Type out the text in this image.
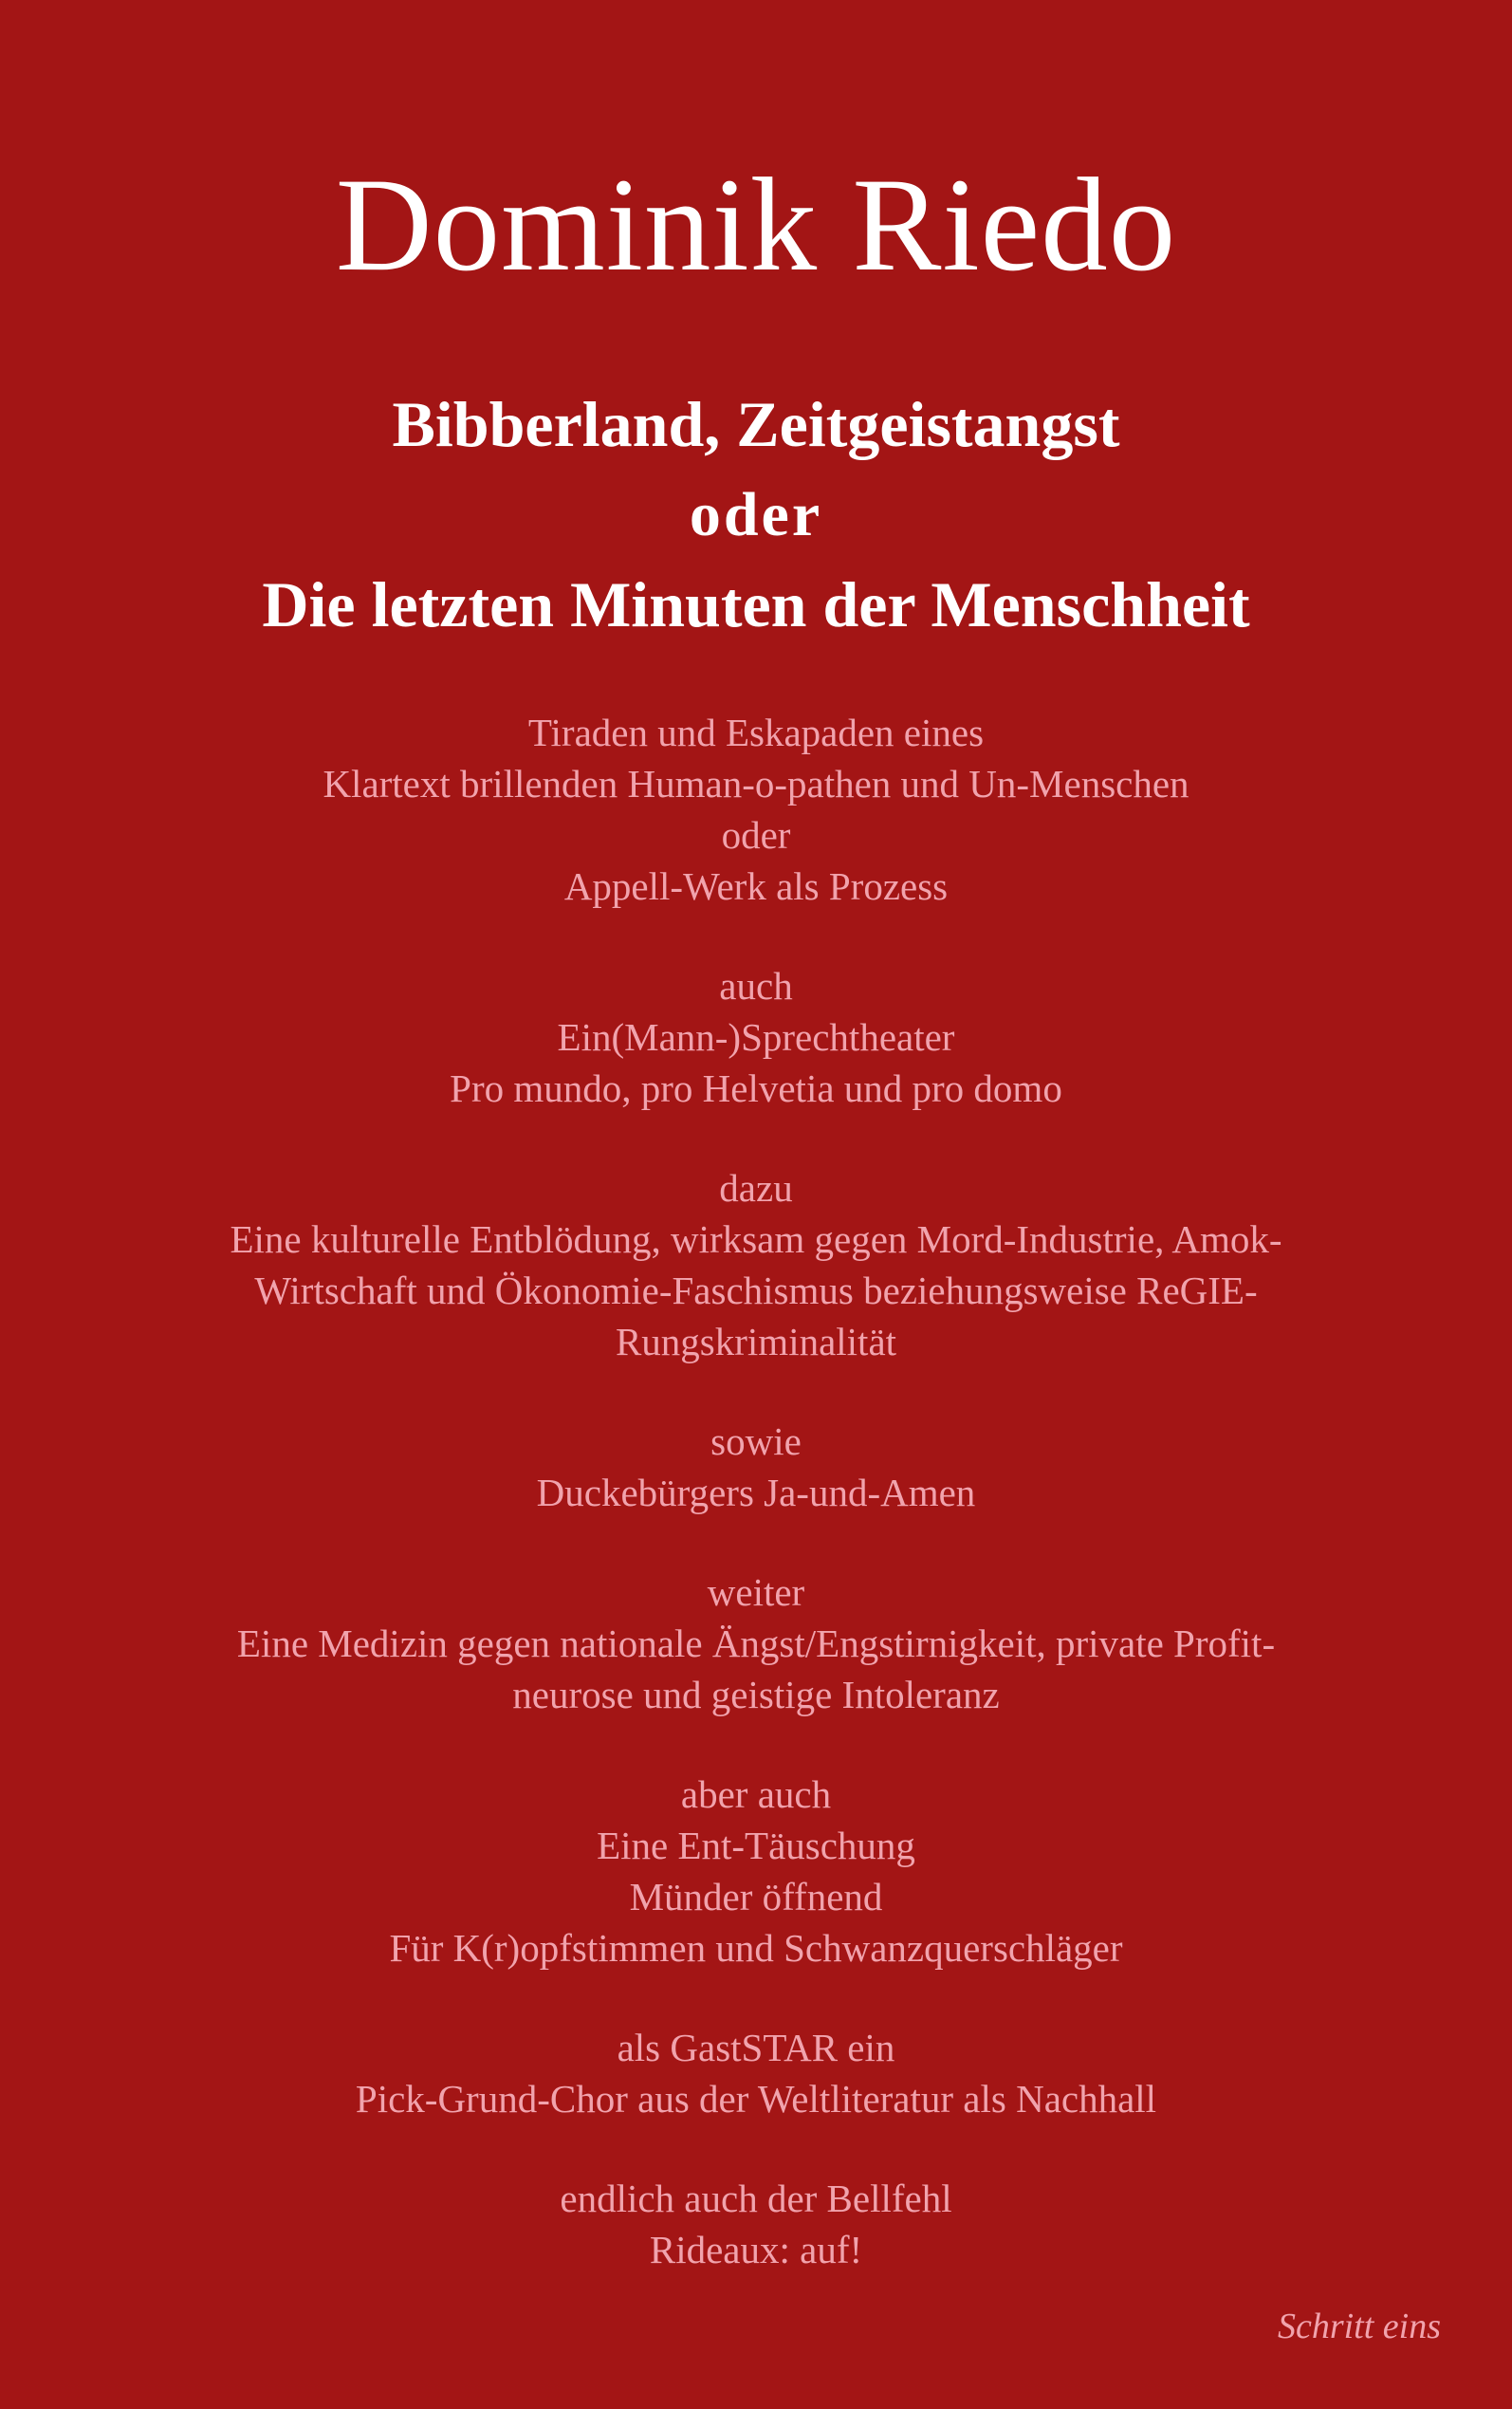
Dominik Riedo
Bibberland, Zeitgeistangst
oder
Die letzten Minuten der Menschheit

Tiraden und Eskapaden eines

Klartext brillenden Human-o-pathen und Un-Menschen

oder

Appell-Werk als Prozess

auch

Ein(Mann-)Sprechtheater

Pro mundo, pro Helvetia und pro domo

dazu

Eine kulturelle Entblödung, wirksam gegen Mord-Industrie, Amok-

Wirtschaft und Ökonomie-Faschismus beziehungsweise ReGIE-

Rungskriminalität

sowie

Duckebürgers Ja-und-Amen

weiter

Eine Medizin gegen nationale Ängst/Engstirnigkeit, private Profit-

neurose und geistige Intoleranz

aber auch

Eine Ent-Täuschung

Münder öffnend

Für K(r)opfstimmen und Schwanzquerschläger

als GastSTAR ein

Pick-Grund-Chor aus der Weltliteratur als Nachhall

endlich auch der Bellfehl

Rideaux: auf!

Schritt eins
